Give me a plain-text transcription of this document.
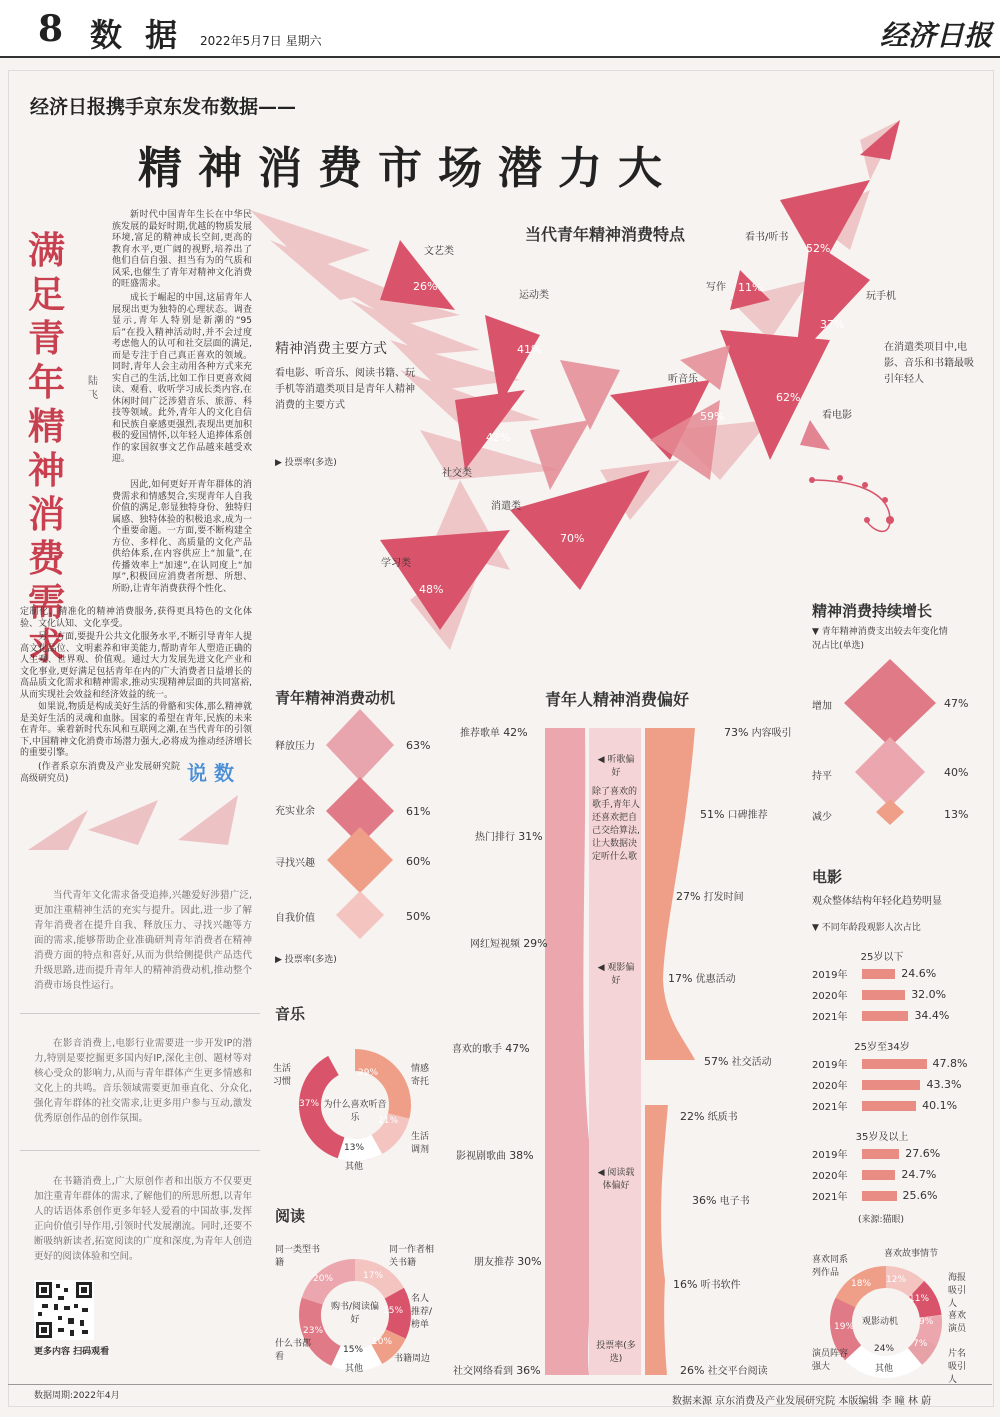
8 数 据 2022年5月7日 星期六	经济日报
经济日报携手京东发布数据——
精神消费市场潜力大
当代青年精神消费特点
精神消费主要方式
看电影、听音乐、阅读书籍、玩手机等消遣类项目是青年人精神消费的主要方式
▶ 投票率(多选)
在消遣类项目中,电影、音乐和书籍最吸引年轻人
文艺类
26%
运动类
41%
社交类
42%
消遣类
70%
学习类
48%
听音乐
59%	看电影
62%
玩手机
37%
写作 11%
看书/听书
52%
满足青年精神消费需求
陆 飞
新时代中国青年生长在中华民族发展的最好时期,优越的物质发展环境,富足的精神成长空间,更高的教育水平,更广阔的视野,培养出了他们自信自强、担当有为的气质和风采,也催生了青年对精神文化消费的旺盛需求。
成长于崛起的中国,这届青年人展现出更为独特的心理状态。调查显示,青年人特别是新潮的“95后”在投入精神活动时,并不会过度考虑他人的认可和社交层面的满足,而是专注于自己真正喜欢的领域。同时,青年人会主动用各种方式来充实自己的生活,比如工作日更喜欢阅读、观看、收听学习成长类内容,在休闲时间广泛涉猎音乐、旅游、科技等领域。此外,青年人的文化自信和民族自豪感更强烈,表现出更加积极的爱国情怀,以年轻人追捧体系创作的家国叙事文艺作品越来越受欢迎。
因此,如何更好开青年群体的消费需求和情感契合,实现青年人自我价值的满足,彰显独特身份、独特归属感、独特体验的积极追求,成为一个重要命题。一方面,要不断构建全方位、多样化、高质量的文化产品供给体系,在内容供应上“加量”,在传播效率上“加速”,在认同度上“加厚”,积极回应消费者所想、所想、所盼,让青年消费获得个性化、
定制化、精准化的精神消费服务,获得更具特色的文化体验、文化认知、文化享受。
另一方面,要提升公共文化服务水平,不断引导青年人提高文化品位、文明素养和审美能力,帮助青年人塑造正确的人生观、世界观、价值观。通过大力发展先进文化产业和文化事业,更好满足包括青年在内的广大消费者日益增长的高品质文化需求和精神需求,推动实现精神层面的共同富裕,从而实现社会效益和经济效益的统一。
如果说,物质是构成美好生活的骨骼和实体,那么精神就是美好生活的灵魂和血脉。国家的希望在青年,民族的未来在青年。乘着新时代东风和互联网之潮,在当代青年的引领下,中国精神文化消费市场潜力强大,必将成为推动经济增长的重要引擎。
(作者系京东消费及产业发展研究院高级研究员)	说 数
当代青年文化需求备受追捧,兴趣爱好涉猎广泛,更加注重精神生活的充实与提升。因此,进一步了解青年消费者在提升自我、释放压力、寻找兴趣等方面的需求,能够帮助企业准确研判青年消费者在精神消费方面的特点和喜好,从而为供给侧提供产品迭代升级思路,进而提升青年人的精神消费动机,推动整个消费市场良性运行。
在影音消费上,电影行业需要进一步开发IP的潜力,特别是要挖掘更多国内好IP,深化主创、题材等对核心受众的影响力,从而与青年群体产生更多情感和文化上的共鸣。音乐领域需要更加垂直化、分众化,强化青年群体的社交需求,让更多用户参与互动,激发优秀原创作品的创作氛围。
在书籍消费上,广大原创作者和出版方不仅要更加注重青年群体的需求,了解他们的所思所想,以青年人的话语体系创作更多年轻人爱看的中国故事,发挥正向价值引导作用,引领时代发展潮流。同时,还要不断吸纳新读者,拓宽阅读的广度和深度,为青年人创造更好的阅读体验和空间。
更多内容 扫码观看
数据周期:2022年4月
青年精神消费动机
释放压力	63%
充实业余	61%
寻找兴趣	60%
自我价值	50%
▶ 投票率(多选)
精神消费持续增长
▼ 青年精神消费支出较去年变化情况占比(单选)
增加	47%
持平	40%
减少	13%
青年人精神消费偏好
◀ 听歌偏好
除了喜欢的歌手,青年人还喜欢把自己交给算法,让大数据决定听什么歌
◀ 观影偏好
◀ 阅读载体偏好
投票率(多选)
推荐歌单 42%
热门排行 31%
网红短视频 29%
喜欢的歌手 47%
影视剧歌曲 38%
朋友推荐 30%
社交网络看到 36%
73% 内容吸引
51% 口碑推荐
27% 打发时间
17% 优惠活动
57% 社交活动
22% 纸质书
36% 电子书
16% 听书软件
26% 社交平台阅读
音乐
为什么喜欢听音乐
生活习惯
37%
情感寄托
29%
生活调剂
21%
其他
13%
阅读
购书/阅读偏好
同一类型书籍
20%
同一作者相关书籍
17%
名人推荐/榜单
15%
书籍周边
10%
其他
15%
什么书都看
23%
电影
观众整体结构年轻化趋势明显
▼ 不同年龄段观影人次占比
25岁以下
2019年	24.6%
2020年	32.0%
2021年	34.4%
25岁至34岁
2019年	47.8%
2020年	43.3%
2021年	40.1%
35岁及以上
2019年	27.6%
2020年	24.7%
2021年	25.6%
(来源:猫眼)
观影动机
喜欢同系列作品
18%
喜欢故事情节
12%	海报吸引人
11%
喜欢演员
9%
片名吸引人
7%
其他
24%
演员阵容强大
19%
数据来源 京东消费及产业发展研究院 本版编辑 李 瞳 林 蔚
